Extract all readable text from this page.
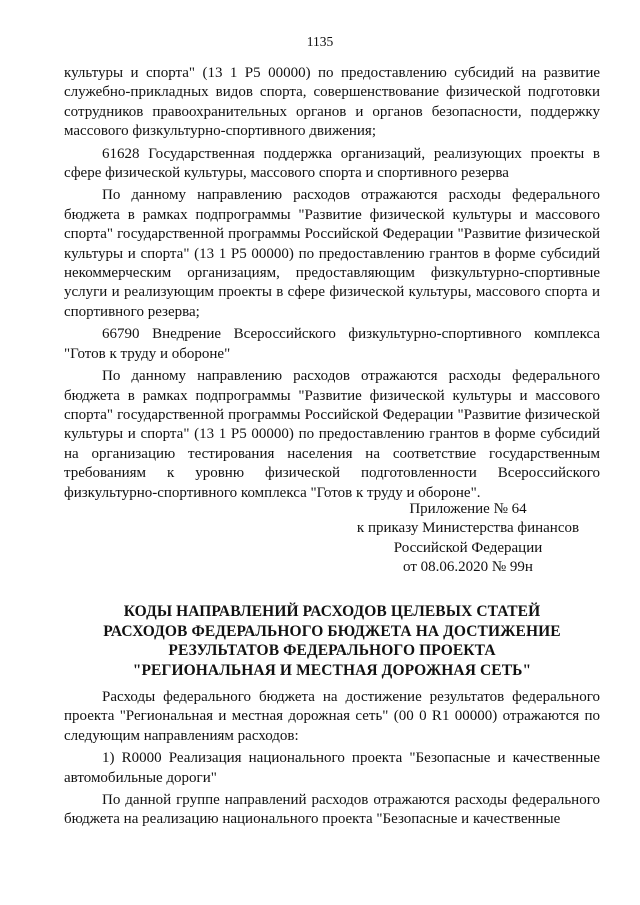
1135

культуры и спорта" (13 1 Р5 00000) по предоставлению субсидий на развитие служебно-прикладных видов спорта, совершенствование физической подготовки сотрудников правоохранительных органов и органов безопасности, поддержку массового физкультурно-спортивного движения;

61628 Государственная поддержка организаций, реализующих проекты в сфере физической культуры, массового спорта и спортивного резерва

По данному направлению расходов отражаются расходы федерального бюджета в рамках подпрограммы "Развитие физической культуры и массового спорта" государственной программы Российской Федерации "Развитие физической культуры и спорта" (13 1 Р5 00000) по предоставлению грантов в форме субсидий некоммерческим организациям, предоставляющим физкультурно-спортивные услуги и реализующим проекты в сфере физической культуры, массового спорта и спортивного резерва;

66790 Внедрение Всероссийского физкультурно-спортивного комплекса "Готов к труду и обороне"

По данному направлению расходов отражаются расходы федерального бюджета в рамках подпрограммы "Развитие физической культуры и массового спорта" государственной программы Российской Федерации "Развитие физической культуры и спорта" (13 1 Р5 00000) по предоставлению грантов в форме субсидий на организацию тестирования населения на соответствие государственным требованиям к уровню физической подготовленности Всероссийского физкультурно-спортивного комплекса "Готов к труду и обороне".

Приложение № 64
к приказу Министерства финансов
Российской Федерации
от 08.06.2020 № 99н
КОДЫ НАПРАВЛЕНИЙ РАСХОДОВ ЦЕЛЕВЫХ СТАТЕЙ
РАСХОДОВ ФЕДЕРАЛЬНОГО БЮДЖЕТА НА ДОСТИЖЕНИЕ
РЕЗУЛЬТАТОВ ФЕДЕРАЛЬНОГО ПРОЕКТА
"РЕГИОНАЛЬНАЯ И МЕСТНАЯ ДОРОЖНАЯ СЕТЬ"

Расходы федерального бюджета на достижение результатов федерального проекта "Региональная и местная дорожная сеть" (00 0 R1 00000) отражаются по следующим направлениям расходов:

1) R0000 Реализация национального проекта "Безопасные и качественные автомобильные дороги"

По данной группе направлений расходов отражаются расходы федерального бюджета на реализацию национального проекта "Безопасные и качественные
